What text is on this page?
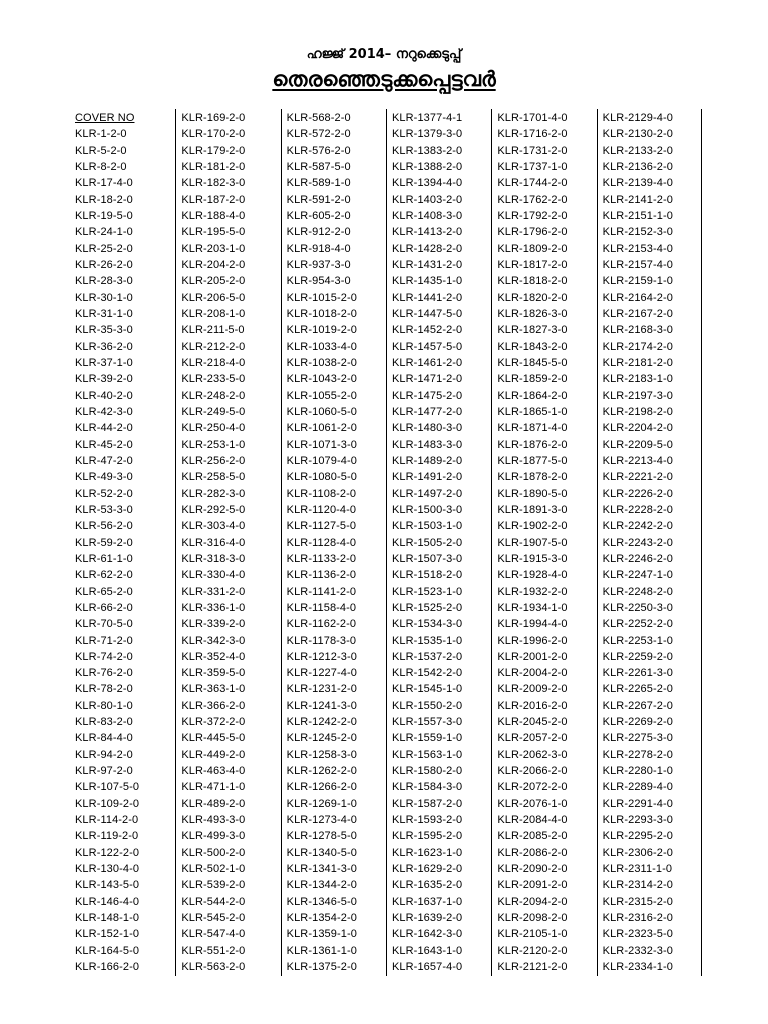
ഹജ്ജ് 2014– നറുക്കെടുപ്പ്
തെരഞ്ഞെടുക്കപ്പെട്ടവർ
COVER NO
KLR-1-2-0
KLR-5-2-0
KLR-8-2-0
KLR-17-4-0
KLR-18-2-0
KLR-19-5-0
KLR-24-1-0
KLR-25-2-0
KLR-26-2-0
KLR-28-3-0
KLR-30-1-0
KLR-31-1-0
KLR-35-3-0
KLR-36-2-0
KLR-37-1-0
KLR-39-2-0
KLR-40-2-0
KLR-42-3-0
KLR-44-2-0
KLR-45-2-0
KLR-47-2-0
KLR-49-3-0
KLR-52-2-0
KLR-53-3-0
KLR-56-2-0
KLR-59-2-0
KLR-61-1-0
KLR-62-2-0
KLR-65-2-0
KLR-66-2-0
KLR-70-5-0
KLR-71-2-0
KLR-74-2-0
KLR-76-2-0
KLR-78-2-0
KLR-80-1-0
KLR-83-2-0
KLR-84-4-0
KLR-94-2-0
KLR-97-2-0
KLR-107-5-0
KLR-109-2-0
KLR-114-2-0
KLR-119-2-0
KLR-122-2-0
KLR-130-4-0
KLR-143-5-0
KLR-146-4-0
KLR-148-1-0
KLR-152-1-0
KLR-164-5-0
KLR-166-2-0
KLR-169-2-0
KLR-170-2-0
KLR-179-2-0
KLR-181-2-0
KLR-182-3-0
KLR-187-2-0
KLR-188-4-0
KLR-195-5-0
KLR-203-1-0
KLR-204-2-0
KLR-205-2-0
KLR-206-5-0
KLR-208-1-0
KLR-211-5-0
KLR-212-2-0
KLR-218-4-0
KLR-233-5-0
KLR-248-2-0
KLR-249-5-0
KLR-250-4-0
KLR-253-1-0
KLR-256-2-0
KLR-258-5-0
KLR-282-3-0
KLR-292-5-0
KLR-303-4-0
KLR-316-4-0
KLR-318-3-0
KLR-330-4-0
KLR-331-2-0
KLR-336-1-0
KLR-339-2-0
KLR-342-3-0
KLR-352-4-0
KLR-359-5-0
KLR-363-1-0
KLR-366-2-0
KLR-372-2-0
KLR-445-5-0
KLR-449-2-0
KLR-463-4-0
KLR-471-1-0
KLR-489-2-0
KLR-493-3-0
KLR-499-3-0
KLR-500-2-0
KLR-502-1-0
KLR-539-2-0
KLR-544-2-0
KLR-545-2-0
KLR-547-4-0
KLR-551-2-0
KLR-563-2-0
KLR-568-2-0
KLR-572-2-0
KLR-576-2-0
KLR-587-5-0
KLR-589-1-0
KLR-591-2-0
KLR-605-2-0
KLR-912-2-0
KLR-918-4-0
KLR-937-3-0
KLR-954-3-0
KLR-1015-2-0
KLR-1018-2-0
KLR-1019-2-0
KLR-1033-4-0
KLR-1038-2-0
KLR-1043-2-0
KLR-1055-2-0
KLR-1060-5-0
KLR-1061-2-0
KLR-1071-3-0
KLR-1079-4-0
KLR-1080-5-0
KLR-1108-2-0
KLR-1120-4-0
KLR-1127-5-0
KLR-1128-4-0
KLR-1133-2-0
KLR-1136-2-0
KLR-1141-2-0
KLR-1158-4-0
KLR-1162-2-0
KLR-1178-3-0
KLR-1212-3-0
KLR-1227-4-0
KLR-1231-2-0
KLR-1241-3-0
KLR-1242-2-0
KLR-1245-2-0
KLR-1258-3-0
KLR-1262-2-0
KLR-1266-2-0
KLR-1269-1-0
KLR-1273-4-0
KLR-1278-5-0
KLR-1340-5-0
KLR-1341-3-0
KLR-1344-2-0
KLR-1346-5-0
KLR-1354-2-0
KLR-1359-1-0
KLR-1361-1-0
KLR-1375-2-0
KLR-1377-4-1
KLR-1379-3-0
KLR-1383-2-0
KLR-1388-2-0
KLR-1394-4-0
KLR-1403-2-0
KLR-1408-3-0
KLR-1413-2-0
KLR-1428-2-0
KLR-1431-2-0
KLR-1435-1-0
KLR-1441-2-0
KLR-1447-5-0
KLR-1452-2-0
KLR-1457-5-0
KLR-1461-2-0
KLR-1471-2-0
KLR-1475-2-0
KLR-1477-2-0
KLR-1480-3-0
KLR-1483-3-0
KLR-1489-2-0
KLR-1491-2-0
KLR-1497-2-0
KLR-1500-3-0
KLR-1503-1-0
KLR-1505-2-0
KLR-1507-3-0
KLR-1518-2-0
KLR-1523-1-0
KLR-1525-2-0
KLR-1534-3-0
KLR-1535-1-0
KLR-1537-2-0
KLR-1542-2-0
KLR-1545-1-0
KLR-1550-2-0
KLR-1557-3-0
KLR-1559-1-0
KLR-1563-1-0
KLR-1580-2-0
KLR-1584-3-0
KLR-1587-2-0
KLR-1593-2-0
KLR-1595-2-0
KLR-1623-1-0
KLR-1629-2-0
KLR-1635-2-0
KLR-1637-1-0
KLR-1639-2-0
KLR-1642-3-0
KLR-1643-1-0
KLR-1657-4-0
KLR-1701-4-0
KLR-1716-2-0
KLR-1731-2-0
KLR-1737-1-0
KLR-1744-2-0
KLR-1762-2-0
KLR-1792-2-0
KLR-1796-2-0
KLR-1809-2-0
KLR-1817-2-0
KLR-1818-2-0
KLR-1820-2-0
KLR-1826-3-0
KLR-1827-3-0
KLR-1843-2-0
KLR-1845-5-0
KLR-1859-2-0
KLR-1864-2-0
KLR-1865-1-0
KLR-1871-4-0
KLR-1876-2-0
KLR-1877-5-0
KLR-1878-2-0
KLR-1890-5-0
KLR-1891-3-0
KLR-1902-2-0
KLR-1907-5-0
KLR-1915-3-0
KLR-1928-4-0
KLR-1932-2-0
KLR-1934-1-0
KLR-1994-4-0
KLR-1996-2-0
KLR-2001-2-0
KLR-2004-2-0
KLR-2009-2-0
KLR-2016-2-0
KLR-2045-2-0
KLR-2057-2-0
KLR-2062-3-0
KLR-2066-2-0
KLR-2072-2-0
KLR-2076-1-0
KLR-2084-4-0
KLR-2085-2-0
KLR-2086-2-0
KLR-2090-2-0
KLR-2091-2-0
KLR-2094-2-0
KLR-2098-2-0
KLR-2105-1-0
KLR-2120-2-0
KLR-2121-2-0
KLR-2129-4-0
KLR-2130-2-0
KLR-2133-2-0
KLR-2136-2-0
KLR-2139-4-0
KLR-2141-2-0
KLR-2151-1-0
KLR-2152-3-0
KLR-2153-4-0
KLR-2157-4-0
KLR-2159-1-0
KLR-2164-2-0
KLR-2167-2-0
KLR-2168-3-0
KLR-2174-2-0
KLR-2181-2-0
KLR-2183-1-0
KLR-2197-3-0
KLR-2198-2-0
KLR-2204-2-0
KLR-2209-5-0
KLR-2213-4-0
KLR-2221-2-0
KLR-2226-2-0
KLR-2228-2-0
KLR-2242-2-0
KLR-2243-2-0
KLR-2246-2-0
KLR-2247-1-0
KLR-2248-2-0
KLR-2250-3-0
KLR-2252-2-0
KLR-2253-1-0
KLR-2259-2-0
KLR-2261-3-0
KLR-2265-2-0
KLR-2267-2-0
KLR-2269-2-0
KLR-2275-3-0
KLR-2278-2-0
KLR-2280-1-0
KLR-2289-4-0
KLR-2291-4-0
KLR-2293-3-0
KLR-2295-2-0
KLR-2306-2-0
KLR-2311-1-0
KLR-2314-2-0
KLR-2315-2-0
KLR-2316-2-0
KLR-2323-5-0
KLR-2332-3-0
KLR-2334-1-0
